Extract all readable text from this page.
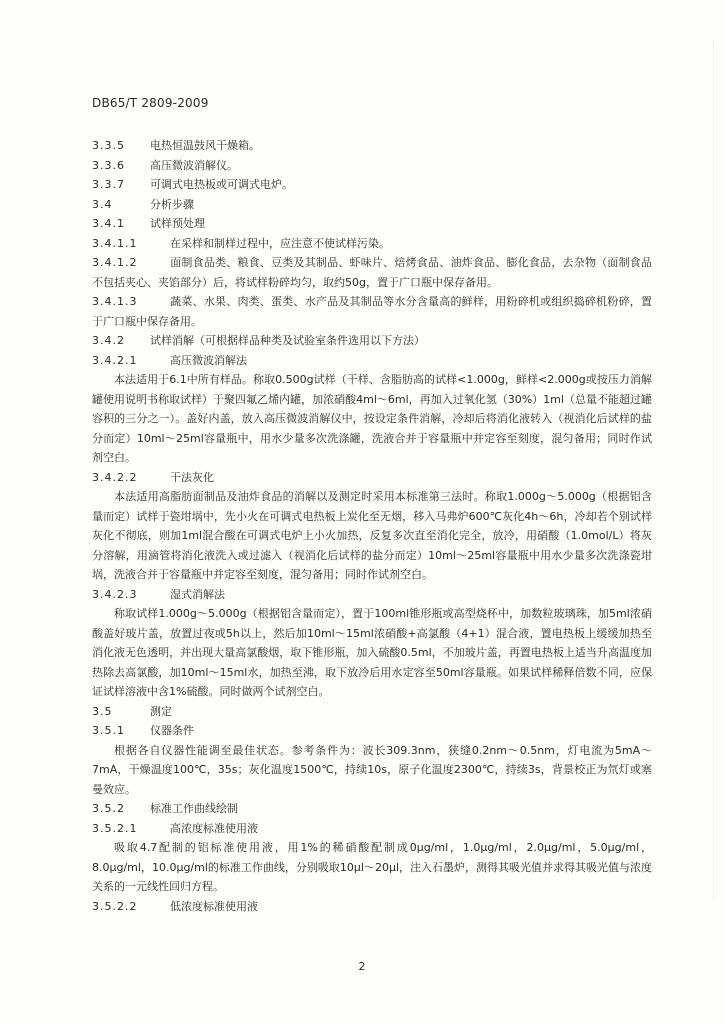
DB65/T 2809-2009
3.3.5 电热恒温鼓风干燥箱。
3.3.6 高压微波消解仪。
3.3.7 可调式电热板或可调式电炉。
3.4	分析步骤
3.4.1 试样预处理
3.4.1.1	在采样和制样过程中，应注意不使试样污染。

3.4.1.2	面制食品类、粮食、豆类及其制品、虾味片、焙烤食品、油炸食品、膨化食品，去杂物（面制食品不包括夹心、夹馅部分）后，将试样粉碎均匀，取约50g，置于广口瓶中保存备用。

3.4.1.3	蔬菜、水果、肉类、蛋类、水产品及其制品等水分含量高的鲜样，用粉碎机或组织捣碎机粉碎，置于广口瓶中保存备用。

3.4.2 试样消解（可根据样品种类及试验室条件选用以下方法）
3.4.2.1	高压微波消解法

本法适用于6.1中所有样品。称取0.500g试样（干样、含脂肪高的试样<1.000g，鲜样<2.000g或按压力消解罐使用说明书称取试样）于聚四氟乙烯内罐，加浓硝酸4ml～6ml，再加入过氧化氢（30%）1ml（总量不能超过罐容积的三分之一）。盖好内盖，放入高压微波消解仪中，按设定条件消解，冷却后将消化液转入（视消化后试样的盐分而定）10ml～25ml容量瓶中，用水少量多次洗涤罐，洗液合并于容量瓶中并定容至刻度，混匀备用；同时作试剂空白。

3.4.2.2	干法灰化

本法适用高脂肪面制品及油炸食品的消解以及测定时采用本标准第三法时。称取1.000g～5.000g（根据铝含量而定）试样于瓷坩埚中，先小火在可调式电热板上炭化至无烟，移入马弗炉600℃灰化4h～6h，冷却若个别试样灰化不彻底，则加1ml混合酸在可调式电炉上小火加热，反复多次直至消化完全，放冷，用硝酸（1.0mol/L）将灰分溶解，用滴管将消化液洗入或过滤入（视消化后试样的盐分而定）10ml～25ml容量瓶中用水少量多次洗涤瓷坩埚，洗液合并于容量瓶中并定容至刻度，混匀备用；同时作试剂空白。

3.4.2.3	湿式消解法

称取试样1.000g～5.000g（根据铝含量而定），置于100ml锥形瓶或高型烧杯中，加数粒玻璃珠，加5ml浓硝酸盖好玻片盖，放置过夜或5h以上，然后加10ml～15ml浓硝酸+高氯酸（4+1）混合液，置电热板上缓缓加热至消化液无色透明，并出现大量高氯酸烟，取下锥形瓶，加入硫酸0.5ml，不加玻片盖，再置电热板上适当升高温度加热除去高氯酸，加10ml～15ml水，加热至沸，取下放冷后用水定容至50ml容量瓶。如果试样稀释倍数不同，应保证试样溶液中含1%硫酸。同时做两个试剂空白。

3.5	测定
3.5.1 仪器条件

根据各自仪器性能调至最佳状态。参考条件为：波长309.3nm，狭缝0.2nm～0.5nm，灯电流为5mA～7mA，干燥温度100℃，35s；灰化温度1500℃，持续10s，原子化温度2300℃，持续3s，背景校正为氘灯或塞曼效应。

3.5.2 标准工作曲线绘制
3.5.2.1	高浓度标准使用液

吸取4.7配制的铝标准使用液，用1%的稀硝酸配制成0μg/ml，1.0μg/ml，2.0μg/ml，5.0μg/ml，8.0μg/ml，10.0μg/ml的标准工作曲线，分别吸取10μl～20μl，注入石墨炉，测得其吸光值并求得其吸光值与浓度关系的一元线性回归方程。

3.5.2.2	低浓度标准使用液
2
